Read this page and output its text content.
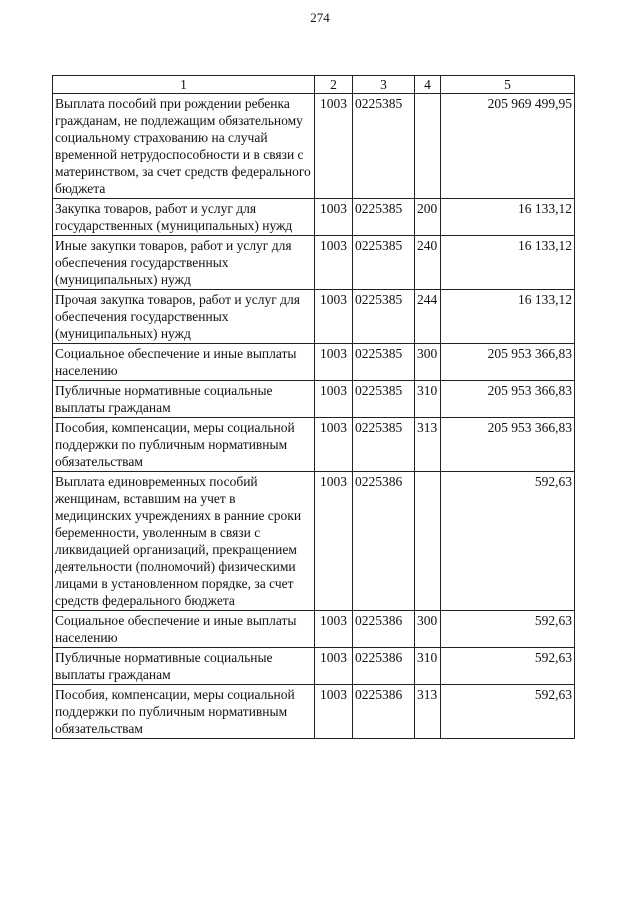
274
1	2	3	4	5
Выплата пособий при рождении ребенка гражданам, не подлежащим обязательному социальному страхованию на случай временной нетрудоспособности и в связи с материнством, за счет средств федерального бюджета	1003	0225385		205 969 499,95
Закупка товаров, работ и услуг для государственных (муниципальных) нужд	1003	0225385	200	16 133,12
Иные закупки товаров, работ и услуг для обеспечения государственных (муниципальных) нужд	1003	0225385	240	16 133,12
Прочая закупка товаров, работ и услуг для обеспечения государственных (муниципальных) нужд	1003	0225385	244	16 133,12
Социальное обеспечение и иные выплаты населению	1003	0225385	300	205 953 366,83
Публичные нормативные социальные выплаты гражданам	1003	0225385	310	205 953 366,83
Пособия, компенсации, меры социальной поддержки по публичным нормативным обязательствам	1003	0225385	313	205 953 366,83
Выплата единовременных пособий женщинам, вставшим на учет в медицинских учреждениях в ранние сроки беременности, уволенным в связи с ликвидацией организаций, прекращением деятельности (полномочий) физическими лицами в установленном порядке, за счет средств федерального бюджета	1003	0225386		592,63
Социальное обеспечение и иные выплаты населению	1003	0225386	300	592,63
Публичные нормативные социальные выплаты гражданам	1003	0225386	310	592,63
Пособия, компенсации, меры социальной поддержки по публичным нормативным обязательствам	1003	0225386	313	592,63
